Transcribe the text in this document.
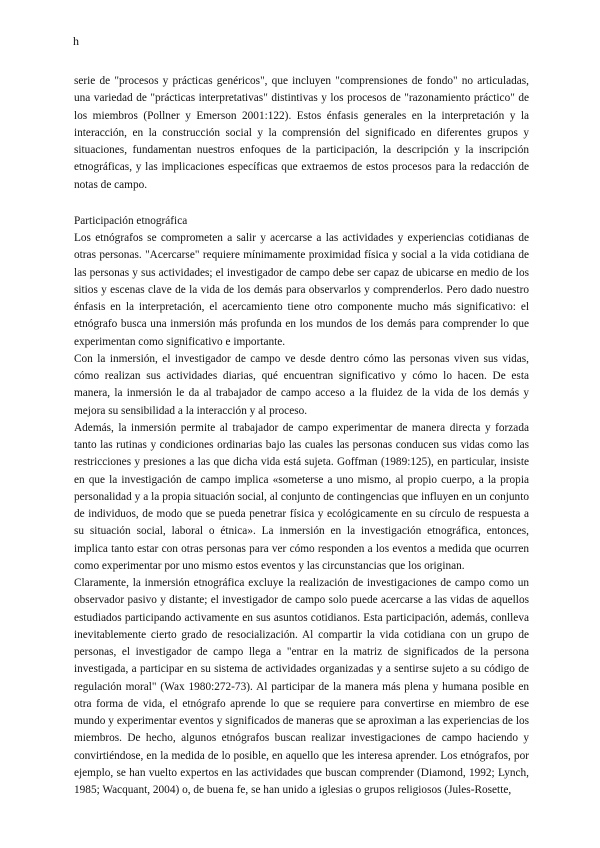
h

serie de "procesos y prácticas genéricos", que incluyen "comprensiones de fondo" no articuladas, una variedad de "prácticas interpretativas" distintivas y los procesos de "razonamiento práctico" de los miembros (Pollner y Emerson 2001:122). Estos énfasis generales en la interpretación y la interacción, en la construcción social y la comprensión del significado en diferentes grupos y situaciones, fundamentan nuestros enfoques de la participación, la descripción y la inscripción etnográficas, y las implicaciones específicas que extraemos de estos procesos para la redacción de notas de campo.

Participación etnográfica

Los etnógrafos se comprometen a salir y acercarse a las actividades y experiencias cotidianas de otras personas. "Acercarse" requiere mínimamente proximidad física y social a la vida cotidiana de las personas y sus actividades; el investigador de campo debe ser capaz de ubicarse en medio de los sitios y escenas clave de la vida de los demás para observarlos y comprenderlos. Pero dado nuestro énfasis en la interpretación, el acercamiento tiene otro componente mucho más significativo: el etnógrafo busca una inmersión más profunda en los mundos de los demás para comprender lo que experimentan como significativo e importante.

Con la inmersión, el investigador de campo ve desde dentro cómo las personas viven sus vidas, cómo realizan sus actividades diarias, qué encuentran significativo y cómo lo hacen. De esta manera, la inmersión le da al trabajador de campo acceso a la fluidez de la vida de los demás y mejora su sensibilidad a la interacción y al proceso.

Además, la inmersión permite al trabajador de campo experimentar de manera directa y forzada tanto las rutinas y condiciones ordinarias bajo las cuales las personas conducen sus vidas como las restricciones y presiones a las que dicha vida está sujeta. Goffman (1989:125), en particular, insiste en que la investigación de campo implica «someterse a uno mismo, al propio cuerpo, a la propia personalidad y a la propia situación social, al conjunto de contingencias que influyen en un conjunto de individuos, de modo que se pueda penetrar física y ecológicamente en su círculo de respuesta a su situación social, laboral o étnica». La inmersión en la investigación etnográfica, entonces, implica tanto estar con otras personas para ver cómo responden a los eventos a medida que ocurren como experimentar por uno mismo estos eventos y las circunstancias que los originan.

Claramente, la inmersión etnográfica excluye la realización de investigaciones de campo como un observador pasivo y distante; el investigador de campo solo puede acercarse a las vidas de aquellos estudiados participando activamente en sus asuntos cotidianos. Esta participación, además, conlleva inevitablemente cierto grado de resocialización. Al compartir la vida cotidiana con un grupo de personas, el investigador de campo llega a "entrar en la matriz de significados de la persona investigada, a participar en su sistema de actividades organizadas y a sentirse sujeto a su código de regulación moral" (Wax 1980:272-73). Al participar de la manera más plena y humana posible en otra forma de vida, el etnógrafo aprende lo que se requiere para convertirse en miembro de ese mundo y experimentar eventos y significados de maneras que se aproximan a las experiencias de los miembros. De hecho, algunos etnógrafos buscan realizar investigaciones de campo haciendo y convirtiéndose, en la medida de lo posible, en aquello que les interesa aprender. Los etnógrafos, por ejemplo, se han vuelto expertos en las actividades que buscan comprender (Diamond, 1992; Lynch, 1985; Wacquant, 2004) o, de buena fe, se han unido a iglesias o grupos religiosos (Jules-Rosette,
